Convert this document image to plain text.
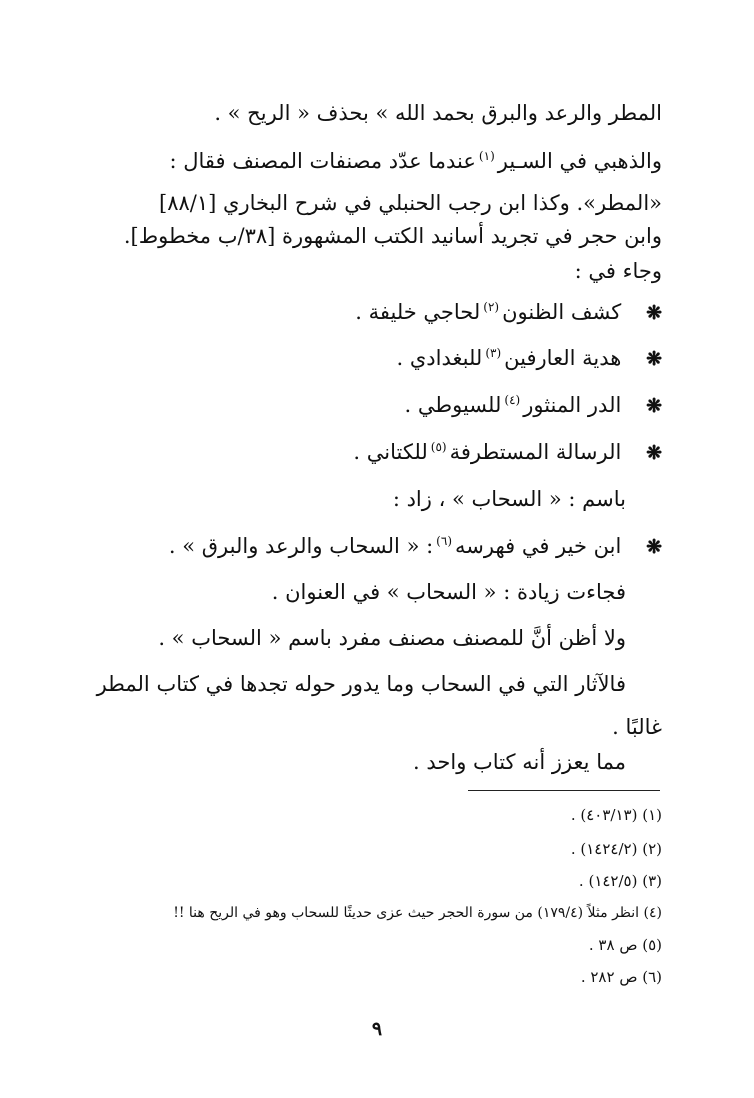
المطر والرعد والبرق بحمد الله » بحذف « الريح » .
والذهبي في السـير$^{(١)}$عندما عدّد مصنفات المصنف فقال :
«المطر». وكذا ابن رجب الحنبلي في شرح البخاري [٨٨/١]
وابن حجر في تجريد أسانيد الكتب المشهورة [٣٨/ب مخطوط].
وجاء في :
❋ كشف الظنون$^{(٢)}$لحاجي خليفة .
❋ هدية العارفين$^{(٣)}$للبغدادي .
❋ الدر المنثور$^{(٤)}$للسيوطي .
❋ الرسالة المستطرفة$^{(٥)}$للكتاني .
باسم : « السحاب » ، زاد :
❋ ابن خير في فهرسه$^{(٦)}$: « السحاب والرعد والبرق » .
فجاءت زيادة : « السحاب » في العنوان .
ولا أظن أنَّ للمصنف مصنف مفرد باسم « السحاب » .
فالآثار التي في السحاب وما يدور حوله تجدها في كتاب المطر
غالبًا .
مما يعزز أنه كتاب واحد .
(١) (٤٠٣/١٣) .
(٢) (١٤٢٤/٢) .
(٣) (١٤٢/٥) .
(٤) انظر مثلاً (١٧٩/٤) من سورة الحجر حيث عزى حديثًا للسحاب وهو في الريح هنا !!
(٥) ص ٣٨ .
(٦) ص ٢٨٢ .
٩
